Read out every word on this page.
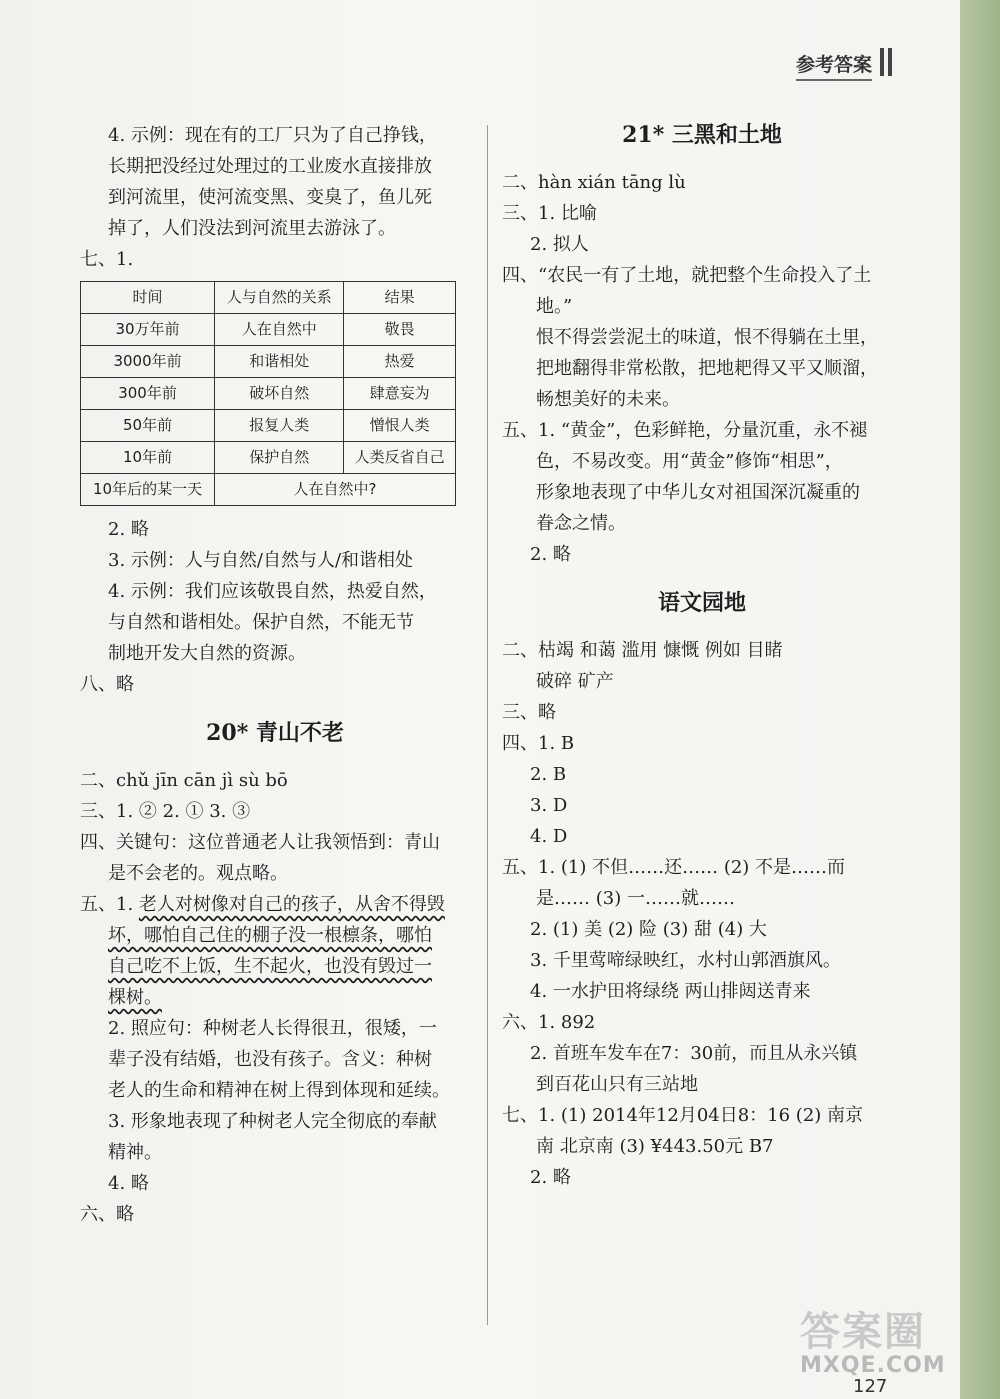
参考答案
4. 示例：现在有的工厂只为了自己挣钱，
长期把没经过处理过的工业废水直接排放
到河流里，使河流变黑、变臭了，鱼儿死
掉了，人们没法到河流里去游泳了。
七、1.
时间	人与自然的关系	结果
30万年前	人在自然中	敬畏
3000年前	和谐相处	热爱
300年前	破坏自然	肆意妄为
50年前	报复人类	憎恨人类
10年前	保护自然	人类反省自己
10年后的某一天	人在自然中?	
2. 略
3. 示例：人与自然/自然与人/和谐相处
4. 示例：我们应该敬畏自然，热爱自然，
与自然和谐相处。保护自然，不能无节
制地开发大自然的资源。
八、略
20* 青山不老
二、chǔ jīn cān jì sù bō
三、1. ② 2. ① 3. ③
四、关键句：这位普通老人让我领悟到：青山
是不会老的。观点略。
五、1. 老人对树像对自己的孩子，从舍不得毁
坏，哪怕自己住的棚子没一根檩条，哪怕
自己吃不上饭，生不起火，也没有毁过一
棵树。
2. 照应句：种树老人长得很丑，很矮，一
辈子没有结婚，也没有孩子。含义：种树
老人的生命和精神在树上得到体现和延续。
3. 形象地表现了种树老人完全彻底的奉献
精神。
4. 略
六、略
21* 三黑和土地
二、hàn xián tāng lù
三、1. 比喻
2. 拟人
四、“农民一有了土地，就把整个生命投入了土
地。”
恨不得尝尝泥土的味道，恨不得躺在土里，
把地翻得非常松散，把地耙得又平又顺溜，
畅想美好的未来。
五、1. “黄金”，色彩鲜艳，分量沉重，永不褪
色，不易改变。用“黄金”修饰“相思”，
形象地表现了中华儿女对祖国深沉凝重的
眷念之情。
2. 略
语文园地
二、枯竭 和蔼 滥用 慷慨 例如 目睹
破碎 矿产
三、略
四、1. B
2. B
3. D
4. D
五、1. (1) 不但……还…… (2) 不是……而
是…… (3) 一……就……
2. (1) 美 (2) 险 (3) 甜 (4) 大
3. 千里莺啼绿映红，水村山郭酒旗风。
4. 一水护田将绿绕 两山排闼送青来
六、1. 892
2. 首班车发车在7：30前，而且从永兴镇
到百花山只有三站地
七、1. (1) 2014年12月04日8：16 (2) 南京
南 北京南 (3) ¥443.50元 B7
2. 略
答案圈
MXQE.COM
127
